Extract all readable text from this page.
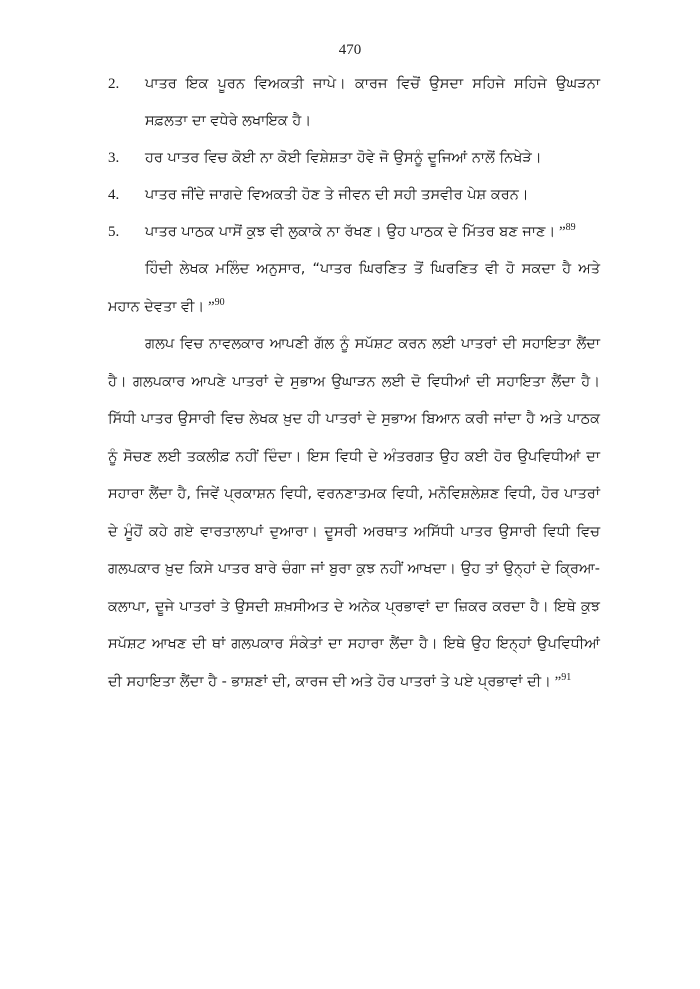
470

2. ਪਾਤਰ ਇਕ ਪੂਰਨ ਵਿਅਕਤੀ ਜਾਪੇ। ਕਾਰਜ ਵਿਚੋਂ ਉਸਦਾ ਸਹਿਜੇ ਸਹਿਜੇ ਉਘੜਨਾ ਸਫ਼ਲਤਾ ਦਾ ਵਧੇਰੇ ਲਖਾਇਕ ਹੈ।

3. ਹਰ ਪਾਤਰ ਵਿਚ ਕੋਈ ਨਾ ਕੋਈ ਵਿਸ਼ੇਸ਼ਤਾ ਹੋਵੇ ਜੋ ਉਸਨੂੰ ਦੂਜਿਆਂ ਨਾਲੋਂ ਨਿਖੇੜੇ।

4. ਪਾਤਰ ਜੀਂਦੇ ਜਾਗਦੇ ਵਿਅਕਤੀ ਹੋਣ ਤੇ ਜੀਵਨ ਦੀ ਸਹੀ ਤਸਵੀਰ ਪੇਸ਼ ਕਰਨ।

5. ਪਾਤਰ ਪਾਠਕ ਪਾਸੋਂ ਕੁਝ ਵੀ ਲੁਕਾਕੇ ਨਾ ਰੱਖਣ। ਉਹ ਪਾਠਕ ਦੇ ਮਿੱਤਰ ਬਣ ਜਾਣ। ”$^{89}$

ਹਿੰਦੀ ਲੇਖਕ ਮਲਿੰਦ ਅਨੁਸਾਰ, “ਪਾਤਰ ਘਿਰਣਿਤ ਤੋਂ ਘਿਰਣਿਤ ਵੀ ਹੋ ਸਕਦਾ ਹੈ ਅਤੇ ਮਹਾਨ ਦੇਵਤਾ ਵੀ। ”$^{90}$

ਗਲਪ ਵਿਚ ਨਾਵਲਕਾਰ ਆਪਣੀ ਗੱਲ ਨੂੰ ਸਪੱਸ਼ਟ ਕਰਨ ਲਈ ਪਾਤਰਾਂ ਦੀ ਸਹਾਇਤਾ ਲੈਂਦਾ ਹੈ। ਗਲਪਕਾਰ ਆਪਣੇ ਪਾਤਰਾਂ ਦੇ ਸੁਭਾਅ ਉਘਾੜਨ ਲਈ ਦੋ ਵਿਧੀਆਂ ਦੀ ਸਹਾਇਤਾ ਲੈਂਦਾ ਹੈ। ਸਿੱਧੀ ਪਾਤਰ ਉਸਾਰੀ ਵਿਚ ਲੇਖਕ ਖ਼ੁਦ ਹੀ ਪਾਤਰਾਂ ਦੇ ਸੁਭਾਅ ਬਿਆਨ ਕਰੀ ਜਾਂਦਾ ਹੈ ਅਤੇ ਪਾਠਕ ਨੂੰ ਸੋਚਣ ਲਈ ਤਕਲੀਫ਼ ਨਹੀਂ ਦਿੰਦਾ। ਇਸ ਵਿਧੀ ਦੇ ਅੰਤਰਗਤ ਉਹ ਕਈ ਹੋਰ ਉਪਵਿਧੀਆਂ ਦਾ ਸਹਾਰਾ ਲੈਂਦਾ ਹੈ, ਜਿਵੇਂ ਪ੍ਰਕਾਸ਼ਨ ਵਿਧੀ, ਵਰਨਣਾਤਮਕ ਵਿਧੀ, ਮਨੋਵਿਸ਼ਲੇਸ਼ਣ ਵਿਧੀ, ਹੋਰ ਪਾਤਰਾਂ ਦੇ ਮੂੰਹੋਂ ਕਹੇ ਗਏ ਵਾਰਤਾਲਾਪਾਂ ਦੁਆਰਾ। ਦੂਸਰੀ ਅਰਥਾਤ ਅਸਿੱਧੀ ਪਾਤਰ ਉਸਾਰੀ ਵਿਧੀ ਵਿਚ ਗਲਪਕਾਰ ਖ਼ੁਦ ਕਿਸੇ ਪਾਤਰ ਬਾਰੇ ਚੰਗਾ ਜਾਂ ਬੁਰਾ ਕੁਝ ਨਹੀਂ ਆਖਦਾ। ਉਹ ਤਾਂ ਉਨ੍ਹਾਂ ਦੇ ਕ੍ਰਿਆ-ਕਲਾਪਾ, ਦੂਜੇ ਪਾਤਰਾਂ ਤੇ ਉਸਦੀ ਸ਼ਖ਼ਸੀਅਤ ਦੇ ਅਨੇਕ ਪ੍ਰਭਾਵਾਂ ਦਾ ਜ਼ਿਕਰ ਕਰਦਾ ਹੈ। ਇਥੇ ਕੁਝ ਸਪੱਸ਼ਟ ਆਖਣ ਦੀ ਥਾਂ ਗਲਪਕਾਰ ਸੰਕੇਤਾਂ ਦਾ ਸਹਾਰਾ ਲੈਂਦਾ ਹੈ। ਇਥੇ ਉਹ ਇਨ੍ਹਾਂ ਉਪਵਿਧੀਆਂ ਦੀ ਸਹਾਇਤਾ ਲੈਂਦਾ ਹੈ - ਭਾਸ਼ਣਾਂ ਦੀ, ਕਾਰਜ ਦੀ ਅਤੇ ਹੋਰ ਪਾਤਰਾਂ ਤੇ ਪਏ ਪ੍ਰਭਾਵਾਂ ਦੀ। ”$^{91}$
